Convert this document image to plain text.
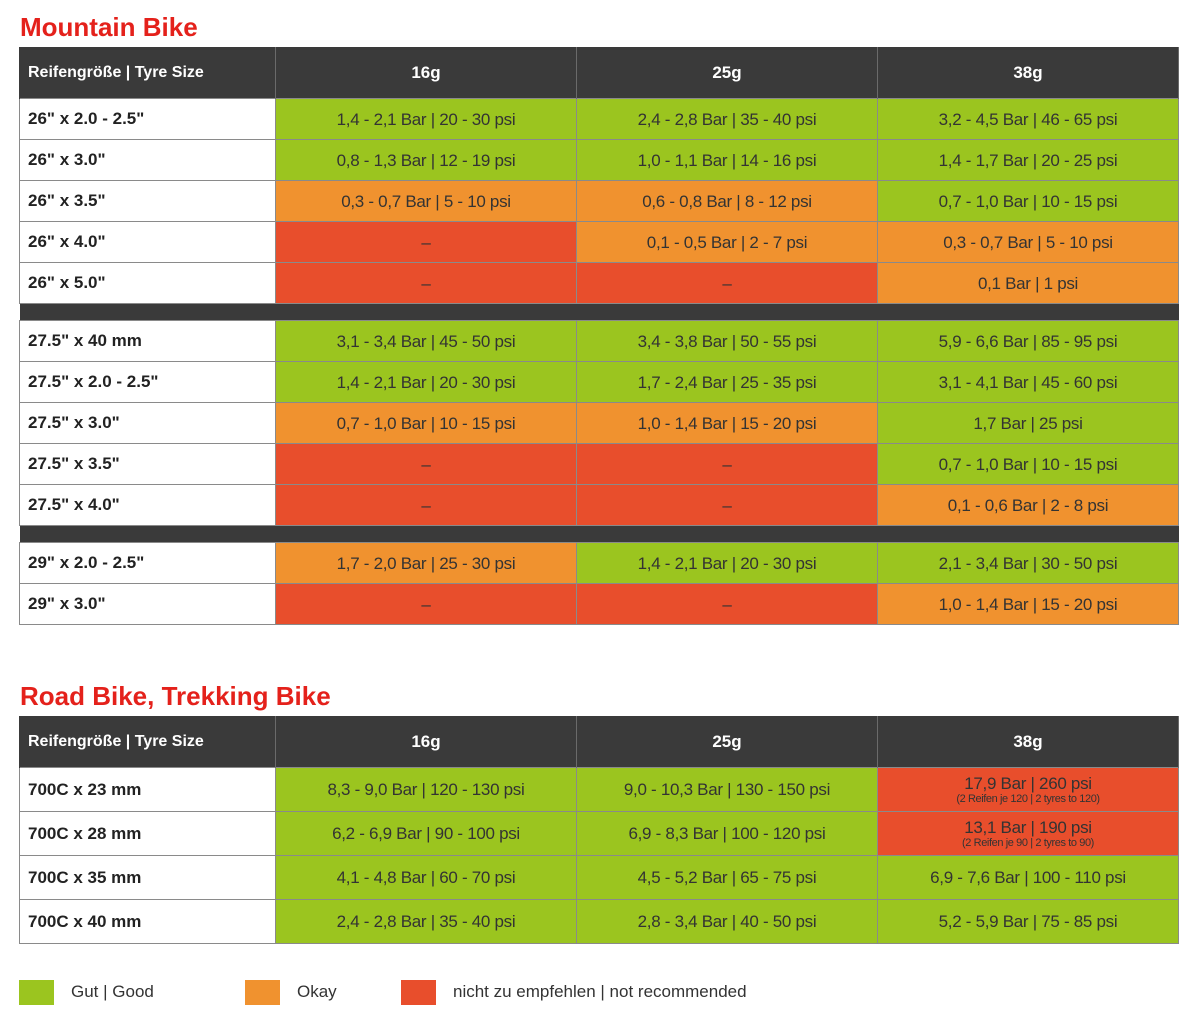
Mountain Bike
Reifengröße | Tyre Size	16g	25g	38g
26" x 2.0 - 2.5"	1,4 - 2,1 Bar | 20 - 30 psi	2,4 - 2,8 Bar | 35 - 40 psi	3,2 - 4,5 Bar | 46 - 65 psi

26" x 3.0"	0,8 - 1,3 Bar | 12 - 19 psi	1,0 - 1,1 Bar | 14 - 16 psi	1,4 - 1,7 Bar | 20 - 25 psi

26" x 3.5"	0,3 - 0,7 Bar | 5 - 10 psi	0,6 - 0,8 Bar | 8 - 12 psi	0,7 - 1,0 Bar | 10 - 15 psi

26" x 4.0"	–	0,1 - 0,5 Bar | 2 - 7 psi	0,3 - 0,7 Bar | 5 - 10 psi

26" x 5.0"	–	–	0,1 Bar | 1 psi

27.5" x 40 mm	3,1 - 3,4 Bar | 45 - 50 psi	3,4 - 3,8 Bar | 50 - 55 psi	5,9 - 6,6 Bar | 85 - 95 psi

27.5" x 2.0 - 2.5"	1,4 - 2,1 Bar | 20 - 30 psi	1,7 - 2,4 Bar | 25 - 35 psi	3,1 - 4,1 Bar | 45 - 60 psi

27.5" x 3.0"	0,7 - 1,0 Bar | 10 - 15 psi	1,0 - 1,4 Bar | 15 - 20 psi	1,7 Bar | 25 psi

27.5" x 3.5"	–	–	0,7 - 1,0 Bar | 10 - 15 psi

27.5" x 4.0"	–	–	0,1 - 0,6 Bar | 2 - 8 psi

29" x 2.0 - 2.5"	1,7 - 2,0 Bar | 25 - 30 psi	1,4 - 2,1 Bar | 20 - 30 psi	2,1 - 3,4 Bar | 30 - 50 psi

29" x 3.0"	–	–	1,0 - 1,4 Bar | 15 - 20 psi
Road Bike, Trekking Bike
Reifengröße | Tyre Size	16g	25g	38g
700C x 23 mm	8,3 - 9,0 Bar | 120 - 130 psi	9,0 - 10,3 Bar | 130 - 150 psi	17,9 Bar | 260 psi
(2 Reifen je 120 | 2 tyres to 120)

700C x 28 mm	6,2 - 6,9 Bar | 90 - 100 psi	6,9 - 8,3 Bar | 100 - 120 psi	13,1 Bar | 190 psi
(2 Reifen je 90 | 2 tyres to 90)

700C x 35 mm	4,1 - 4,8 Bar | 60 - 70 psi	4,5 - 5,2 Bar | 65 - 75 psi	6,9 - 7,6 Bar | 100 - 110 psi

700C x 40 mm	2,4 - 2,8 Bar | 35 - 40 psi	2,8 - 3,4 Bar | 40 - 50 psi	5,2 - 5,9 Bar | 75 - 85 psi
Gut | Good	Okay	nicht zu empfehlen | not recommended
